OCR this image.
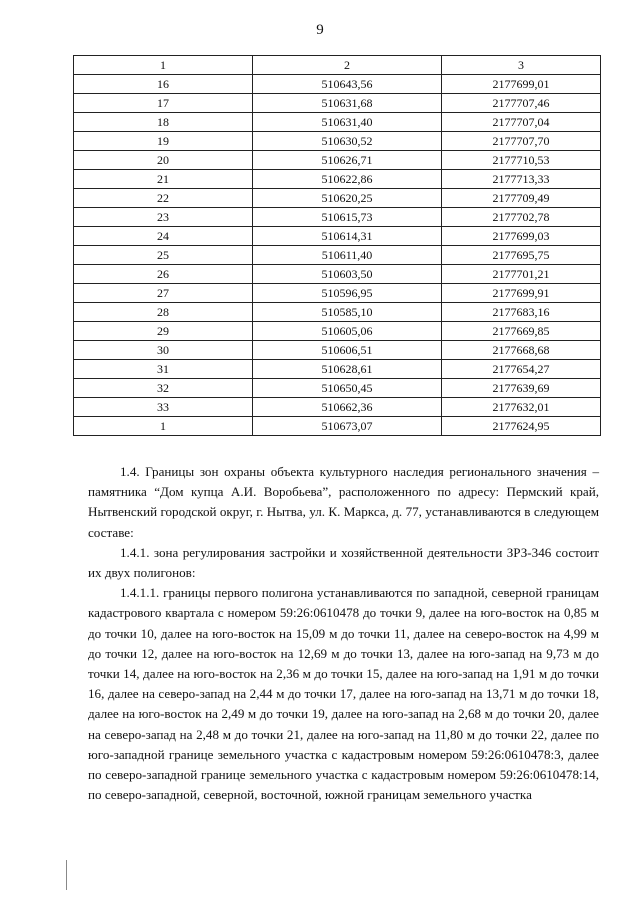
9
1	2	3
16	510643,56	2177699,01
17	510631,68	2177707,46
18	510631,40	2177707,04
19	510630,52	2177707,70
20	510626,71	2177710,53
21	510622,86	2177713,33
22	510620,25	2177709,49
23	510615,73	2177702,78
24	510614,31	2177699,03
25	510611,40	2177695,75
26	510603,50	2177701,21
27	510596,95	2177699,91
28	510585,10	2177683,16
29	510605,06	2177669,85
30	510606,51	2177668,68
31	510628,61	2177654,27
32	510650,45	2177639,69
33	510662,36	2177632,01
1	510673,07	2177624,95

1.4. Границы зон охраны объекта культурного наследия регионального значения – памятника “Дом купца А.И. Воробьева”, расположенного по адресу: Пермский край, Нытвенский городской округ, г. Нытва, ул. К. Маркса, д. 77, устанавливаются в следующем составе:

1.4.1. зона регулирования застройки и хозяйственной деятельности ЗРЗ-346 состоит их двух полигонов:

1.4.1.1. границы первого полигона устанавливаются по западной, северной границам кадастрового квартала с номером 59:26:0610478 до точки 9, далее на юго-восток на 0,85 м до точки 10, далее на юго-восток на 15,09 м до точки 11, далее на северо-восток на 4,99 м до точки 12, далее на юго-восток на 12,69 м до точки 13, далее на юго-запад на 9,73 м до точки 14, далее на юго-восток на 2,36 м до точки 15, далее на юго-запад на 1,91 м до точки 16, далее на северо-запад на 2,44 м до точки 17, далее на юго-запад на 13,71 м до точки 18, далее на юго-восток на 2,49 м до точки 19, далее на юго-запад на 2,68 м до точки 20, далее на северо-запад на 2,48 м до точки 21, далее на юго-запад на 11,80 м до точки 22, далее по юго-западной границе земельного участка с кадастровым номером 59:26:0610478:3, далее по северо-западной границе земельного участка с кадастровым номером 59:26:0610478:14, по северо-западной, северной, восточной, южной границам земельного участка
